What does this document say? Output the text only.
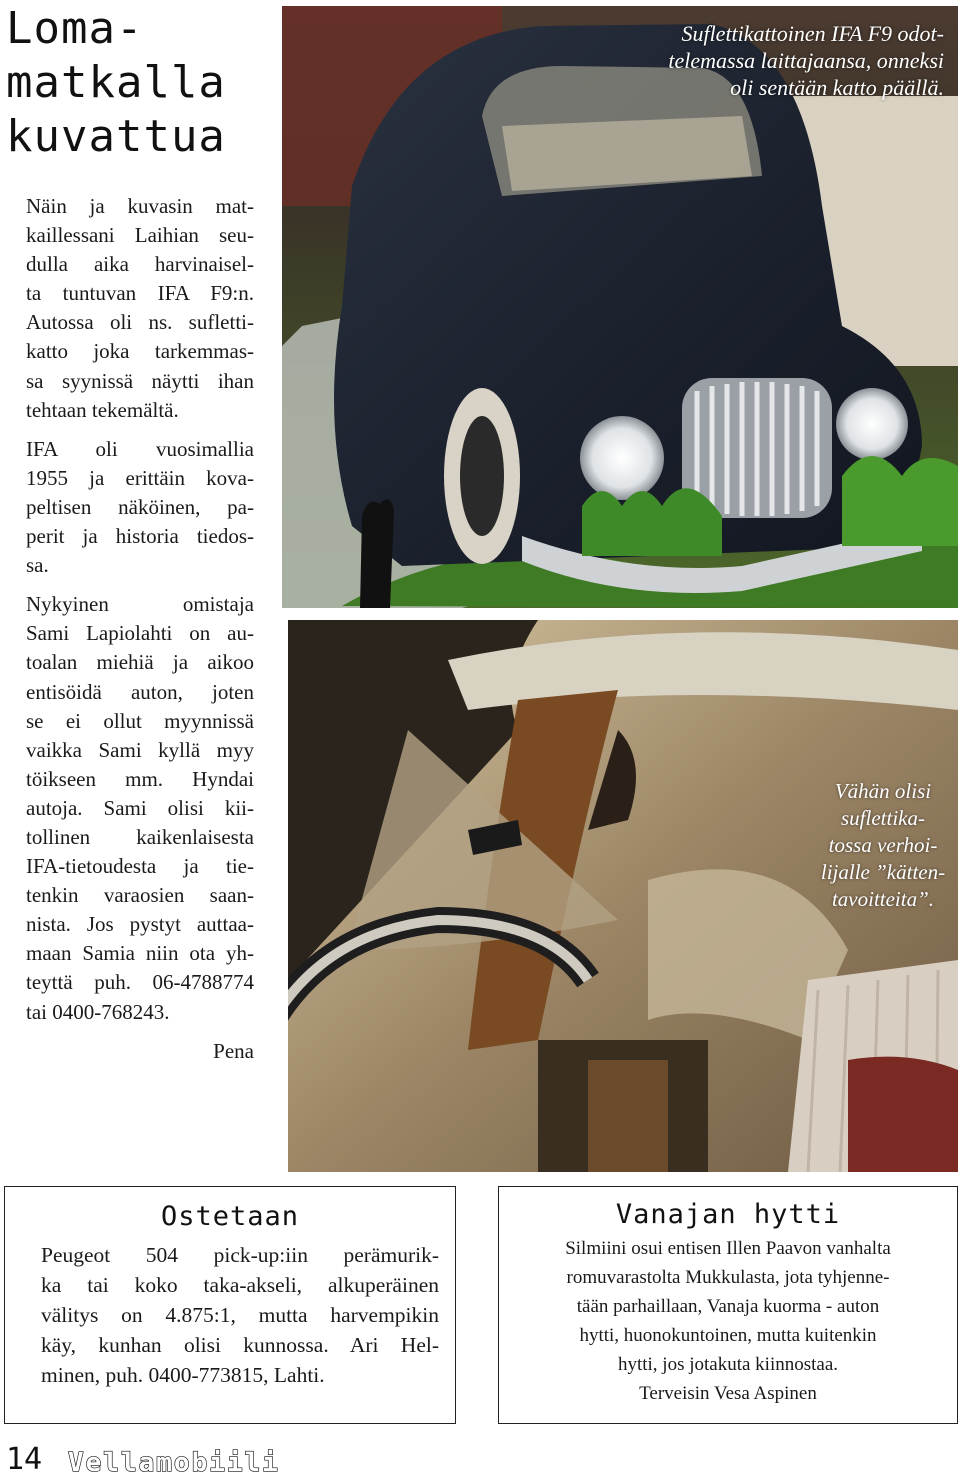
Loma-
matkalla
kuvattua

Näin ja kuvasin mat-
kaillessani Laihian seu-
dulla aika harvinaisel-
ta tuntuvan IFA F9:n.
Autossa oli ns. sufletti-
katto joka tarkemmas-
sa syynissä näytti ihan
tehtaan tekemältä.

IFA oli vuosimallia
1955 ja erittäin kova-
peltisen näköinen, pa-
perit ja historia tiedos-
sa.

Nykyinen omistaja
Sami Lapiolahti on au-
toalan miehiä ja aikoo
entisöidä auton, joten
se ei ollut myynnissä
vaikka Sami kyllä myy
töikseen mm. Hyndai
autoja. Sami olisi kii-
tollinen kaikenlaisesta
IFA-tietoudesta ja tie-
tenkin varaosien saan-
nista. Jos pystyt auttaa-
maan Samia niin ota yh-
teyttä puh. 06-4788774
tai 0400-768243.

Pena

Suflettikattoinen IFA F9 odot-
telemassa laittajaansa, onneksi
oli sentään katto päällä.
Vähän olisi
suflettika-
tossa verhoi-
lijalle ”kätten-
tavoitteita”.
Ostetaan
Peugeot 504 pick-up:iin perämurik-
ka tai koko taka-akseli, alkuperäinen
välitys on 4.875:1, mutta harvempikin
käy, kunhan olisi kunnossa. Ari Hel-
minen, puh. 0400-773815, Lahti.
Vanajan hytti
Silmiini osui entisen Illen Paavon vanhalta
romuvarastolta Mukkulasta, jota tyhjenne-
tään parhaillaan, Vanaja kuorma - auton
hytti, huonokuntoinen, mutta kuitenkin
hytti, jos jotakuta kiinnostaa.
Terveisin Vesa Aspinen
14 Vellamobiili
